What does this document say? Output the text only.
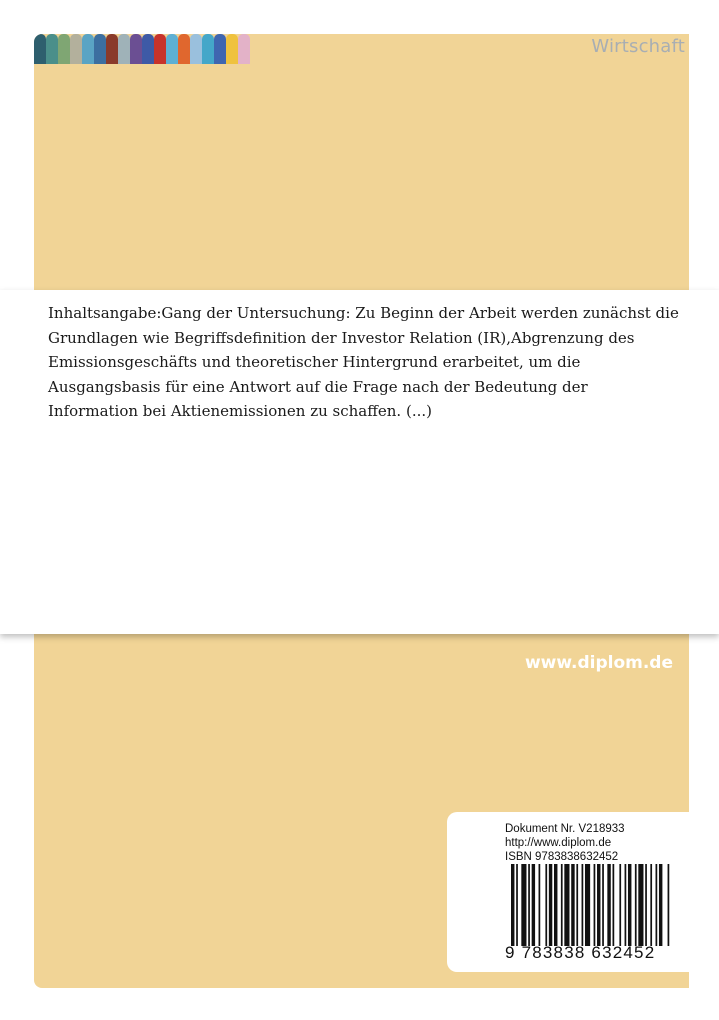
Wirtschaft

Inhaltsangabe:Gang der Untersuchung: Zu Beginn der Arbeit werden zunächst die Grundlagen wie Begriffsdefinition der Investor Relation (IR),Abgrenzung des Emissionsgeschäfts und theoretischer Hintergrund erarbeitet, um die Ausgangsbasis für eine Antwort auf die Frage nach der Bedeutung der Information bei Aktienemissionen zu schaffen. (...)

www.diplom.de
Dokument Nr. V218933
http://www.diplom.de
ISBN 9783838632452
9 783838 632452
